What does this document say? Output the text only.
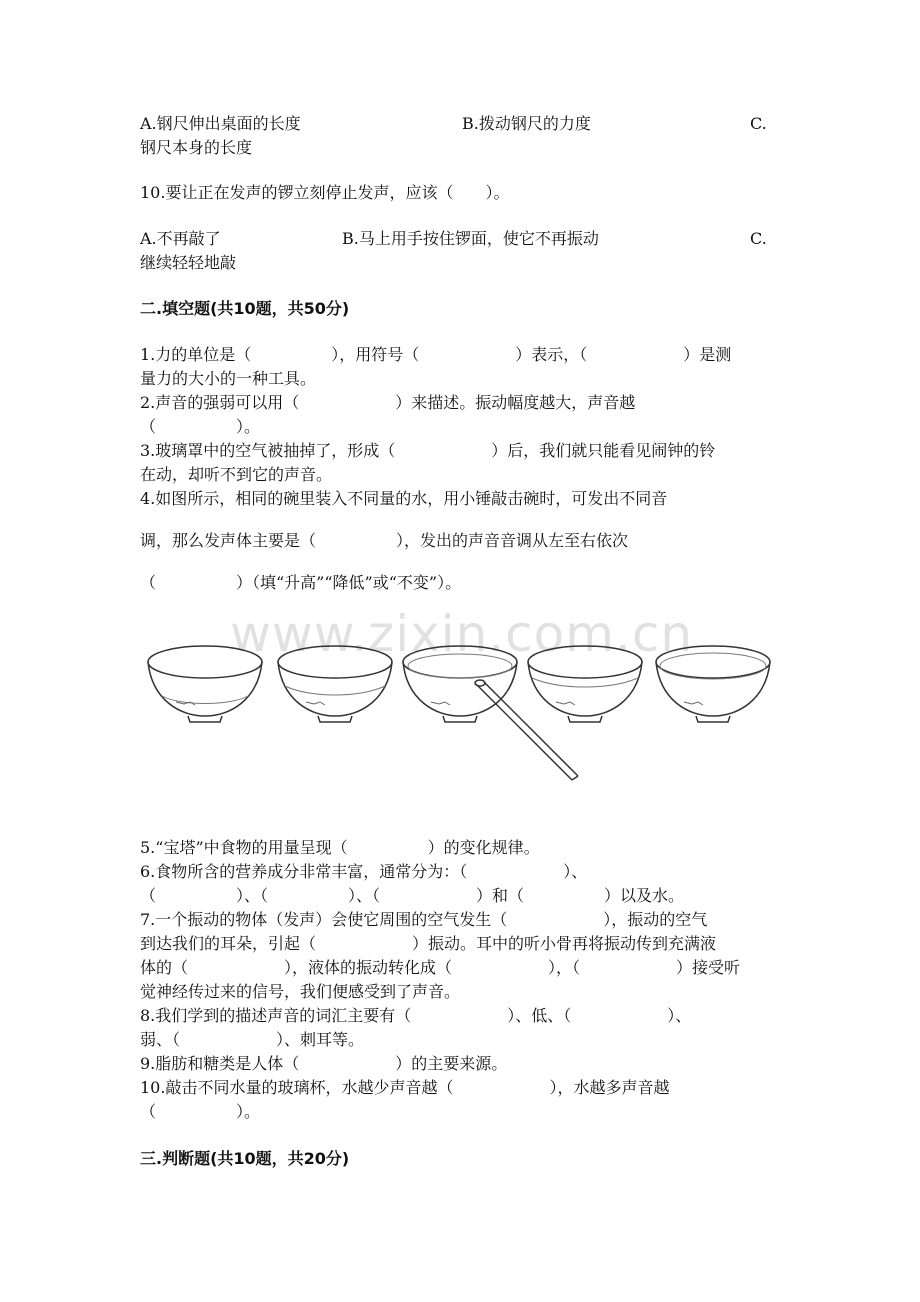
A.钢尺伸出桌面的长度	B.拨动钢尺的力度	C.
钢尺本身的长度
10.要让正在发声的锣立刻停止发声，应该（　　）。
A.不再敲了	B.马上用手按住锣面，使它不再振动	C.
继续轻轻地敲
二.填空题(共10题，共50分)
1.力的单位是（　　　　　），用符号（　　　　　　）表示，（　　　　　　）是测
量力的大小的一种工具。
2.声音的强弱可以用（　　　　　　）来描述。振动幅度越大，声音越
（　　　　　）。
3.玻璃罩中的空气被抽掉了，形成（　　　　　　）后，我们就只能看见闹钟的铃
在动，却听不到它的声音。
4.如图所示，相同的碗里装入不同量的水，用小锤敲击碗时，可发出不同音
调，那么发声体主要是（　　　　　），发出的声音音调从左至右依次
（　　　　　）（填“升高”“降低”或“不变”）。
www.zixin.com.cn
5.“宝塔”中食物的用量呈现（　　　　　）的变化规律。
6.食物所含的营养成分非常丰富，通常分为：（　　　　　　）、
（　　　　　）、（　　　　　）、（　　　　　　）和（　　　　　）以及水。
7.一个振动的物体（发声）会使它周围的空气发生（　　　　　　），振动的空气
到达我们的耳朵，引起（　　　　　　）振动。耳中的听小骨再将振动传到充满液
体的（　　　　　　），液体的振动转化成（　　　　　　），（　　　　　　）接受听
觉神经传过来的信号，我们便感受到了声音。
8.我们学到的描述声音的词汇主要有（　　　　　　）、低、（　　　　　　）、
弱、（　　　　　　）、刺耳等。
9.脂肪和糖类是人体（　　　　　　）的主要来源。
10.敲击不同水量的玻璃杯，水越少声音越（　　　　　　），水越多声音越
（　　　　　）。
三.判断题(共10题，共20分)
